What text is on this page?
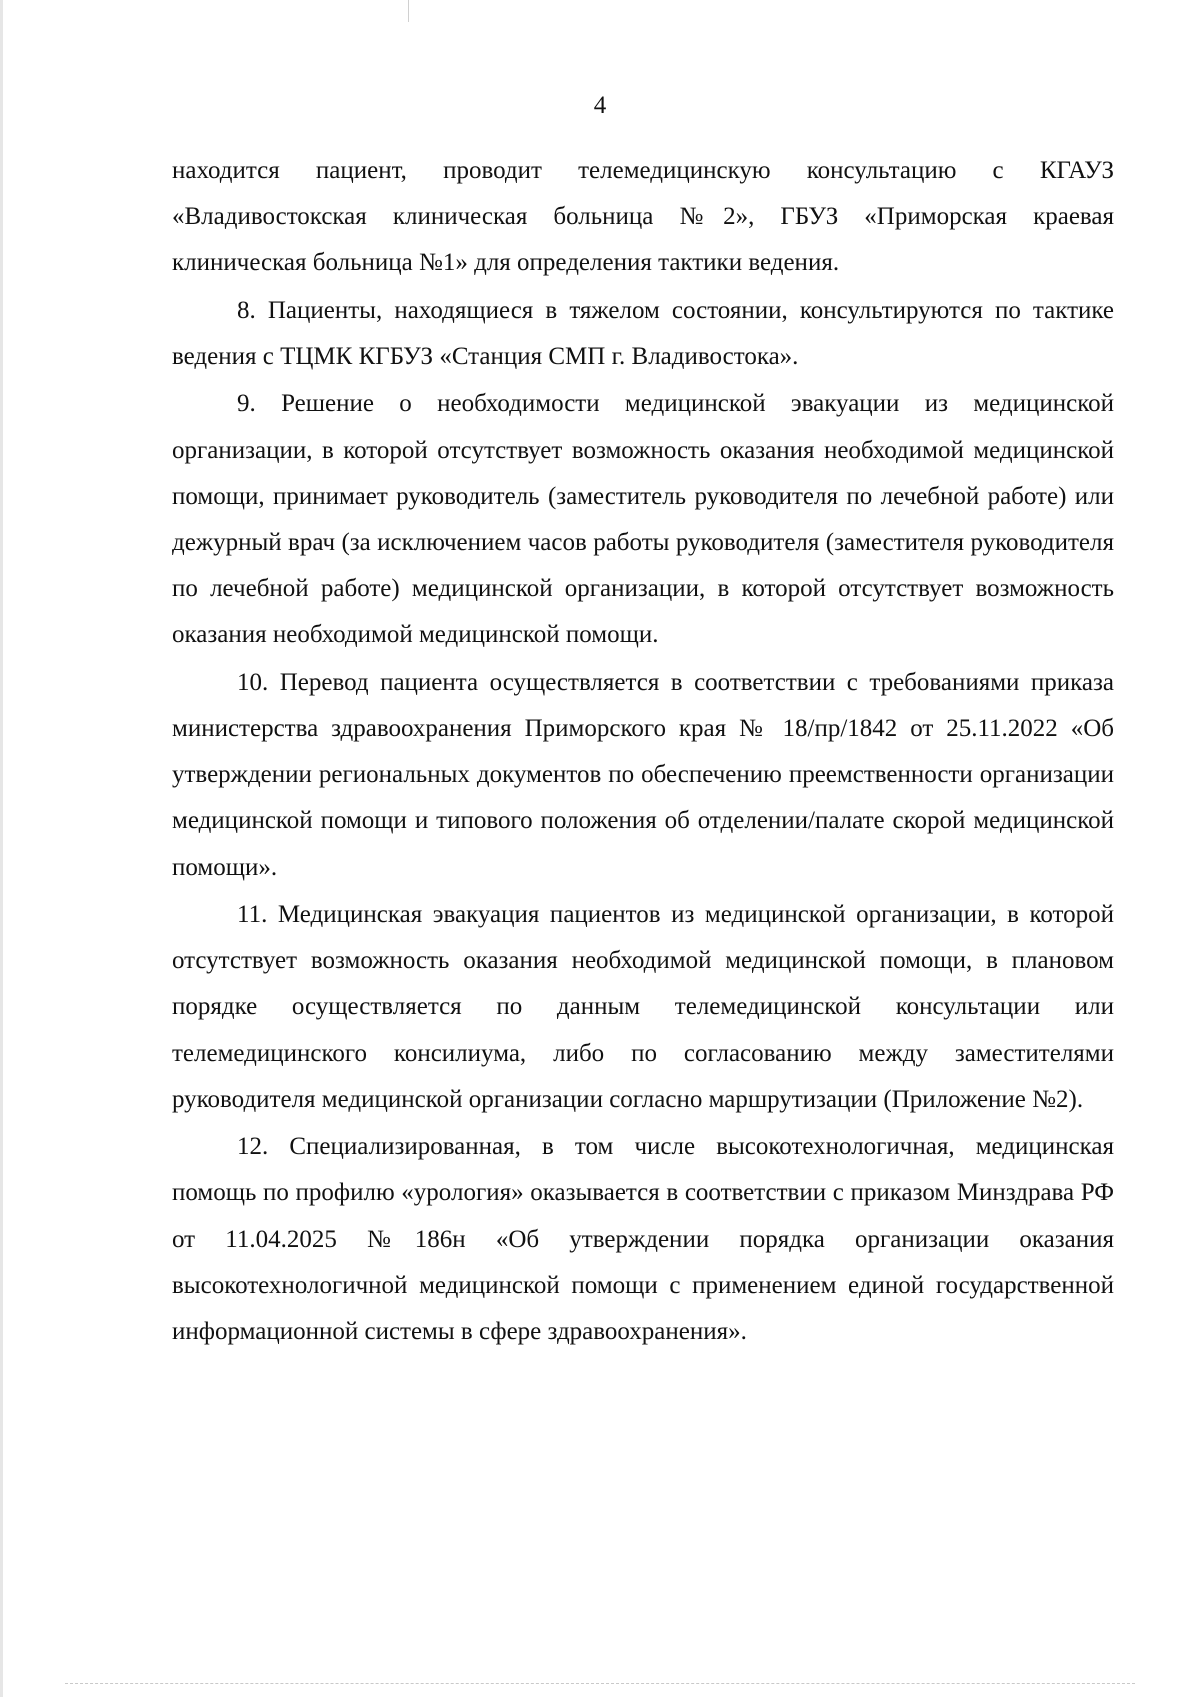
4

находится пациент, проводит телемедицинскую консультацию с КГАУЗ «Владивостокская клиническая больница №2», ГБУЗ «Приморская краевая клиническая больница №1» для определения тактики ведения.

8. Пациенты, находящиеся в тяжелом состоянии, консультируются по тактике ведения с ТЦМК КГБУЗ «Станция СМП г. Владивостока».

9. Решение о необходимости медицинской эвакуации из медицинской организации, в которой отсутствует возможность оказания необходимой медицинской помощи, принимает руководитель (заместитель руководителя по лечебной работе) или дежурный врач (за исключением часов работы руководителя (заместителя руководителя по лечебной работе) медицинской организации, в которой отсутствует возможность оказания необходимой медицинской помощи.

10. Перевод пациента осуществляется в соответствии с требованиями приказа министерства здравоохранения Приморского края № 18/пр/1842 от 25.11.2022 «Об утверждении региональных документов по обеспечению преемственности организации медицинской помощи и типового положения об отделении/палате скорой медицинской помощи».

11. Медицинская эвакуация пациентов из медицинской организации, в которой отсутствует возможность оказания необходимой медицинской помощи, в плановом порядке осуществляется по данным телемедицинской консультации или телемедицинского консилиума, либо по согласованию между заместителями руководителя медицинской организации согласно маршрутизации (Приложение №2).

12. Специализированная, в том числе высокотехнологичная, медицинская помощь по профилю «урология» оказывается в соответствии с приказом Минздрава РФ от 11.04.2025 №186н «Об утверждении порядка организации оказания высокотехнологичной медицинской помощи с применением единой государственной информационной системы в сфере здравоохранения».
